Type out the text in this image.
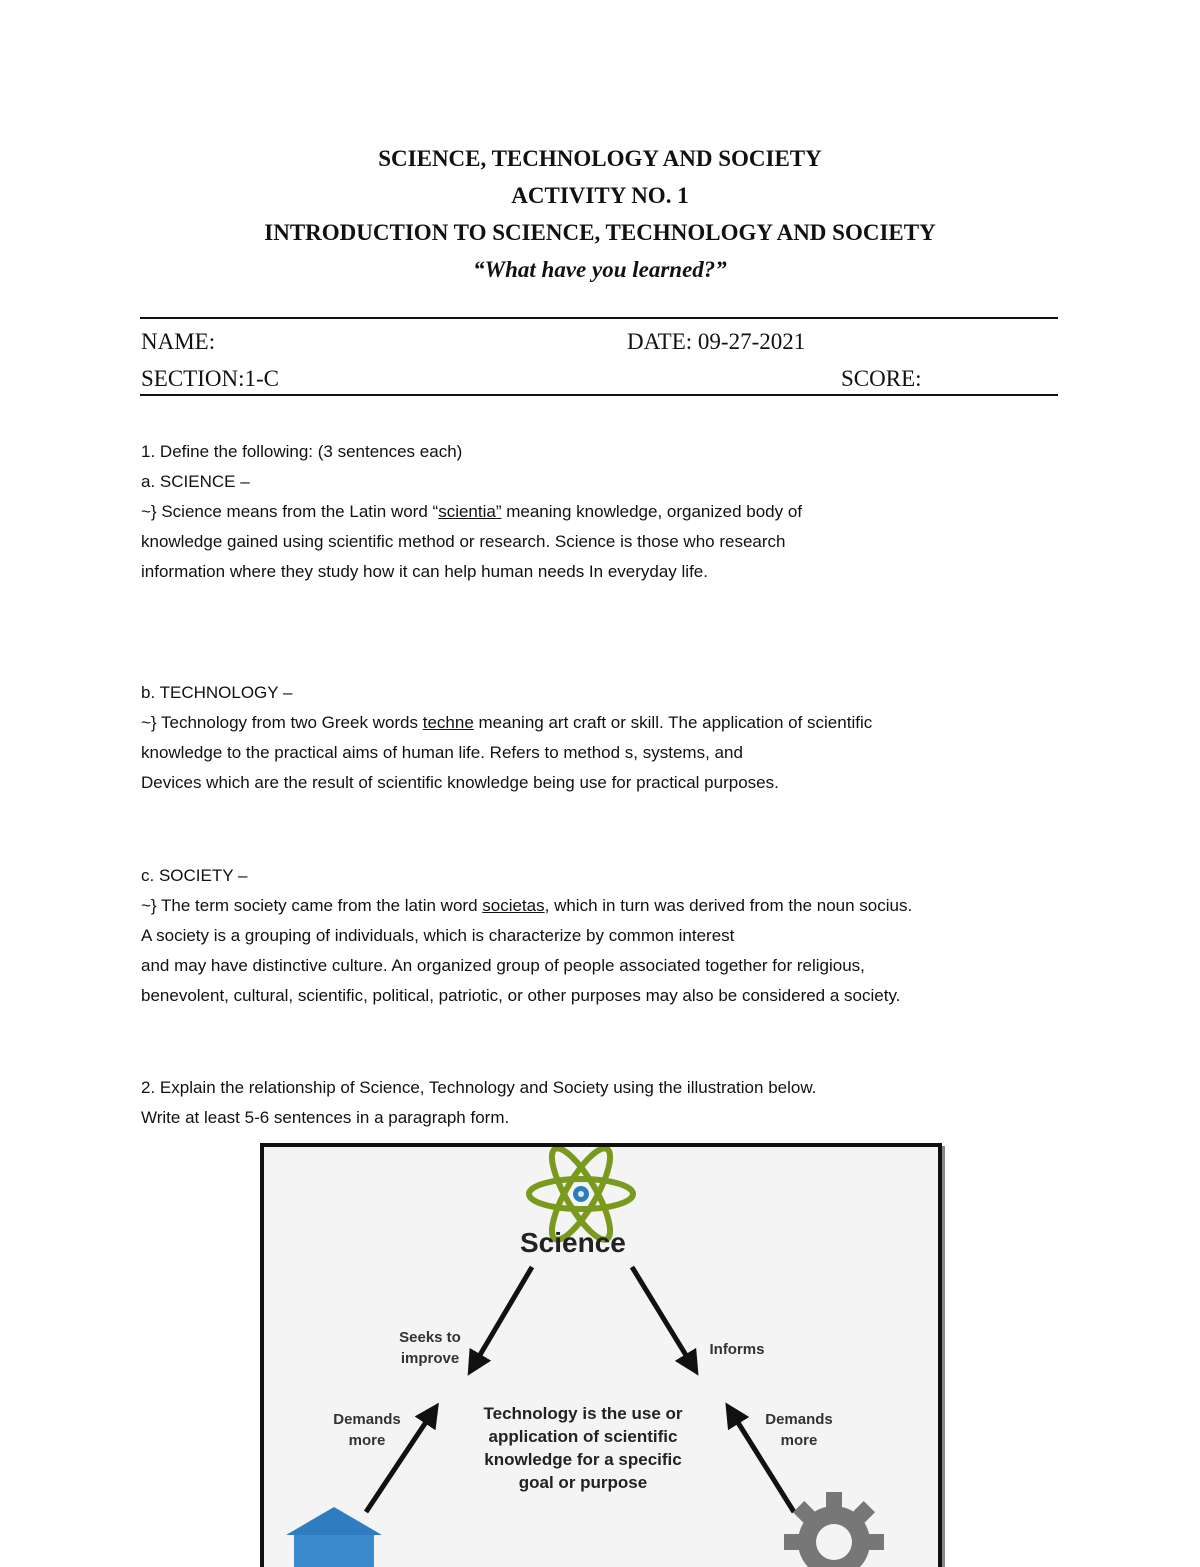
SCIENCE, TECHNOLOGY AND SOCIETY
ACTIVITY NO. 1
INTRODUCTION TO SCIENCE, TECHNOLOGY AND SOCIETY
“What have you learned?”
NAME:	DATE: 09-27-2021
SECTION:1-C	SCORE:
1. Define the following: (3 sentences each)
a. SCIENCE –
~} Science means from the Latin word “scientia” meaning knowledge, organized body of
knowledge gained using scientific method or research. Science is those who research
information where they study how it can help human needs In everyday life.
b. TECHNOLOGY –
~} Technology from two Greek words techne meaning art craft or skill. The application of scientific
knowledge to the practical aims of human life. Refers to method s, systems, and
Devices which are the result of scientific knowledge being use for practical purposes.
c. SOCIETY –
~} The term society came from the latin word societas, which in turn was derived from the noun socius.
A society is a grouping of individuals, which is characterize by common interest
and may have distinctive culture. An organized group of people associated together for religious,
benevolent, cultural, scientific, political, patriotic, or other purposes may also be considered a society.
2. Explain the relationship of Science, Technology and Society using the illustration below.
Write at least 5-6 sentences in a paragraph form.
Science
Seeks to
improve
Informs
Demands
more
Demands
more
Technology is the use or
application of scientific
knowledge for a specific
goal or purpose
